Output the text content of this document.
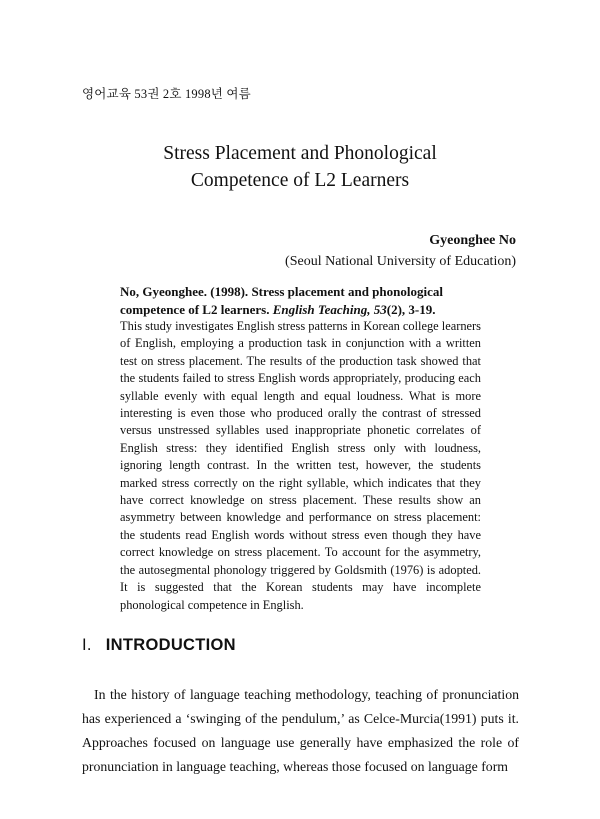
영어교육 53권 2호 1998년 여름
Stress Placement and Phonological
Competence of L2 Learners
Gyeonghee No
(Seoul National University of Education)
No, Gyeonghee. (1998). Stress placement and phonological competence of L2 learners. English Teaching, 53(2), 3-19.
This study investigates English stress patterns in Korean college learners of English, employing a production task in conjunction with a written test on stress placement. The results of the production task showed that the students failed to stress English words appropriately, producing each syllable evenly with equal length and equal loudness. What is more interesting is even those who produced orally the contrast of stressed versus unstressed syllables used inappropriate phonetic correlates of English stress: they identified English stress only with loudness, ignoring length contrast. In the written test, however, the students marked stress correctly on the right syllable, which indicates that they have correct knowledge on stress placement. These results show an asymmetry between knowledge and performance on stress placement: the students read English words without stress even though they have correct knowledge on stress placement. To account for the asymmetry, the autosegmental phonology triggered by Goldsmith (1976) is adopted. It is suggested that the Korean students may have incomplete phonological competence in English.
I. INTRODUCTION

In the history of language teaching methodology, teaching of pronunciation has experienced a ‘swinging of the pendulum,’ as Celce-Murcia(1991) puts it. Approaches focused on language use generally have emphasized the role of pronunciation in language teaching, whereas those focused on language form
